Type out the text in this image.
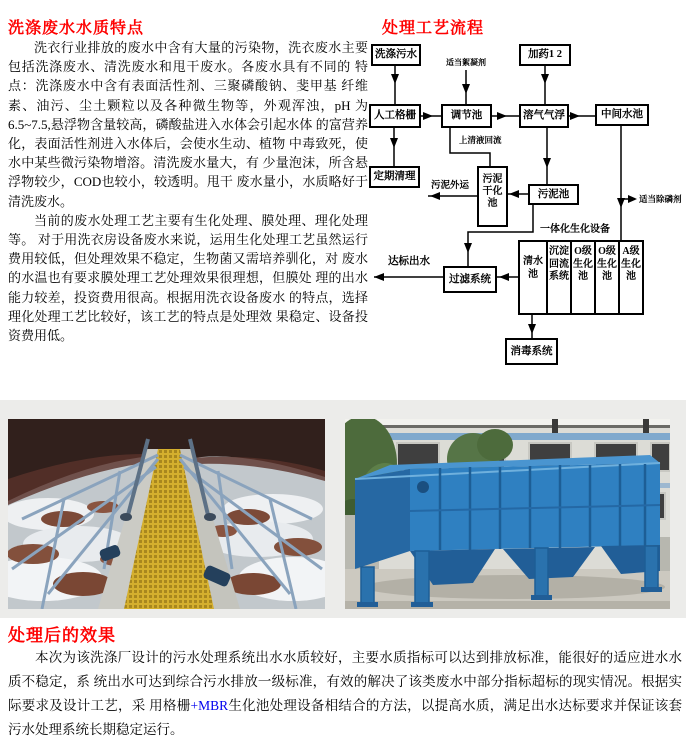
洗涤废水水质特点	处理工艺流程
处理后的效果

洗衣行业排放的废水中含有大量的污染物，洗衣废水主要 包括洗涤废水、清洗废水和甩干废水。各废水具有不同的 特点：洗涤废水中含有表面活性剂、三聚磷酸钠、斐甲基 纤维素、油污、尘土颗粒以及各种微生物等，外观浑浊，pH 为6.5~7.5,悬浮物含量较高，磷酸盐进入水体会引起水体 的富营养化，表面活性剂进入水体后，会使水生动、植物 中毒致死，使水中某些微污染物增溶。清洗废水量大，有 少量泡沫，所含悬浮物较少，COD也较小，较透明。甩干 废水量小，水质略好于清洗废水。

当前的废水处理工艺主要有生化处理、膜处理、理化处理等。 对于用洗衣房设备废水来说，运用生化处理工艺虽然运行 费用较低，但处理效果不稳定，生物菌又需培养驯化，对 废水的水温也有要求膜处理工艺处理效果很理想，但膜处 理的出水能力较差，投资费用很高。根据用洗衣设备废水 的特点，选择理化处理工艺比较好，该工艺的特点是处理效 果稳定、设备投资费用低。

洗涤污水	加药1 2
人工格栅	调节池	溶气气浮	中间水池
定期清理	污泥干化池
污泥池
过滤系统
消毒系统
清水池
沉淀回流系统
O级生化池
O级生化池
A级生化池
适当絮凝剂
上清液回流
污泥外运
适当除磷剂
一体化生化设备
达标出水
本次为该洗涤厂设计的污水处理系统出水水质较好，主要水质指标可以达到排放标准，能很好的适应进水水质不稳定，系 统出水可达到综合污水排放一级标准，有效的解决了该类废水中部分指标超标的现实情况。根据实际要求及设计工艺，采 用格栅+MBR生化池处理设备相结合的方法，以提高水质，满足出水达标要求并保证该套污水处理系统长期稳定运行。
